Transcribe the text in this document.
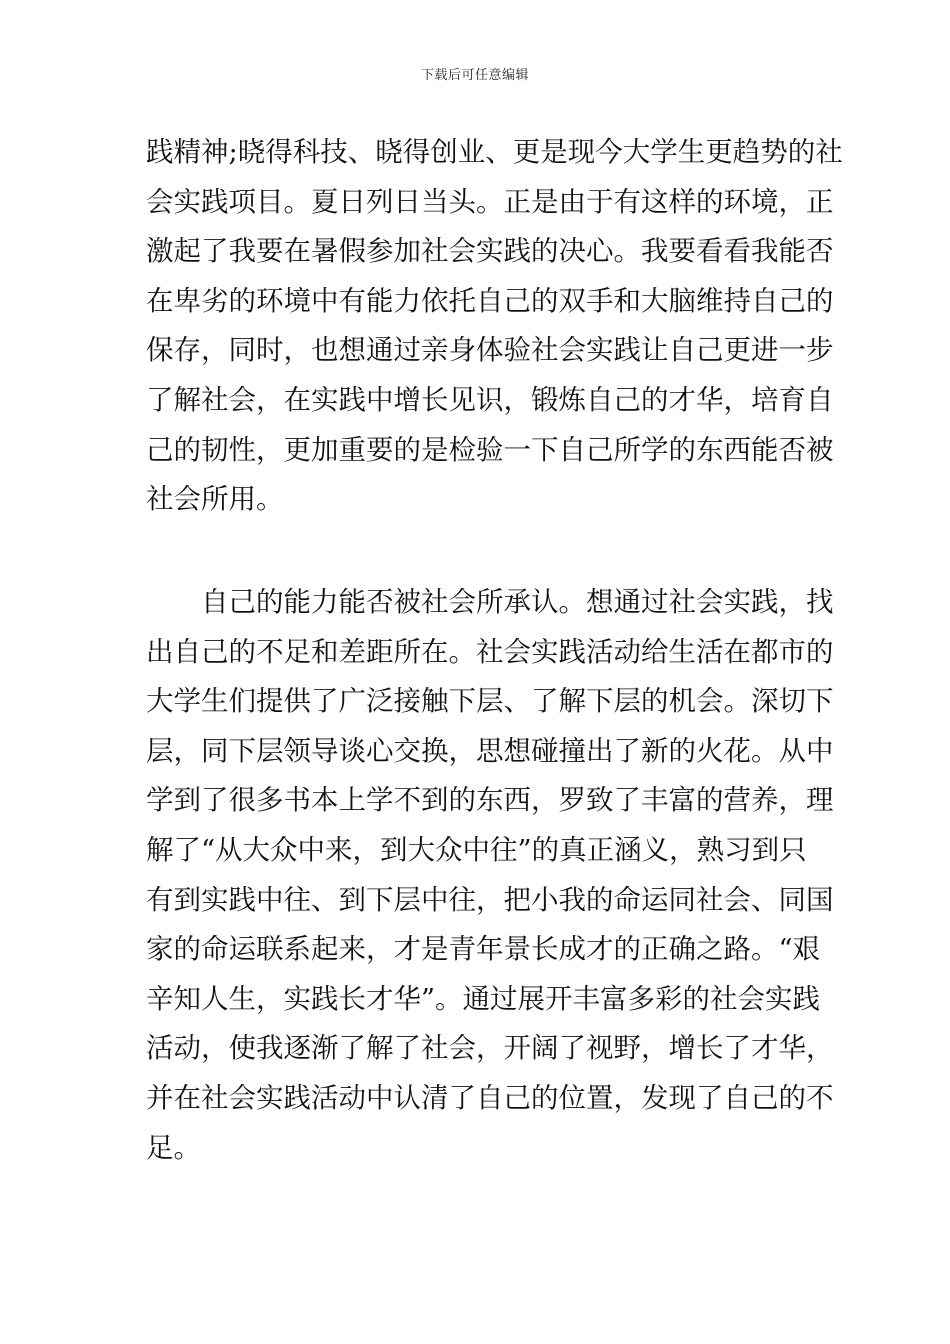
下载后可任意编辑
践精神;晓得科技、晓得创业、更是现今大学生更趋势的社
会实践项目。夏日列日当头。正是由于有这样的环境，正
激起了我要在暑假参加社会实践的决心。我要看看我能否
在卑劣的环境中有能力依托自己的双手和大脑维持自己的
保存，同时，也想通过亲身体验社会实践让自己更进一步
了解社会，在实践中增长见识，锻炼自己的才华，培育自
己的韧性，更加重要的是检验一下自己所学的东西能否被
社会所用。
　　自己的能力能否被社会所承认。想通过社会实践，找
出自己的不足和差距所在。社会实践活动给生活在都市的
大学生们提供了广泛接触下层、了解下层的机会。深切下
层，同下层领导谈心交换，思想碰撞出了新的火花。从中
学到了很多书本上学不到的东西，罗致了丰富的营养，理
解了“从大众中来，到大众中往”的真正涵义，熟习到只
有到实践中往、到下层中往，把小我的命运同社会、同国
家的命运联系起来，才是青年景长成才的正确之路。“艰
辛知人生，实践长才华”。通过展开丰富多彩的社会实践
活动，使我逐渐了解了社会，开阔了视野，增长了才华，
并在社会实践活动中认清了自己的位置，发现了自己的不
足。
